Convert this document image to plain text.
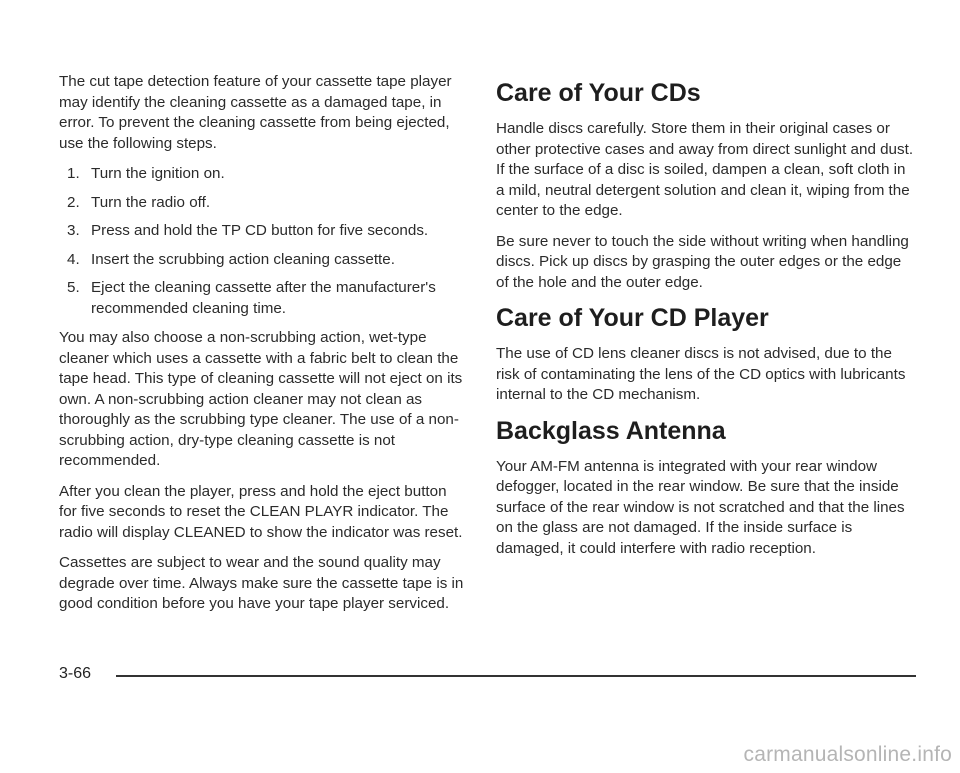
The cut tape detection feature of your cassette tape player may identify the cleaning cassette as a damaged tape, in error. To prevent the cleaning cassette from being ejected, use the following steps.

1. Turn the ignition on.
2. Turn the radio off.
3. Press and hold the TP CD button for five seconds.
4. Insert the scrubbing action cleaning cassette.
5. Eject the cleaning cassette after the manufacturer's recommended cleaning time.

You may also choose a non-scrubbing action, wet-type cleaner which uses a cassette with a fabric belt to clean the tape head. This type of cleaning cassette will not eject on its own. A non-scrubbing action cleaner may not clean as thoroughly as the scrubbing type cleaner. The use of a non-scrubbing action, dry-type cleaning cassette is not recommended.

After you clean the player, press and hold the eject button for five seconds to reset the CLEAN PLAYR indicator. The radio will display CLEANED to show the indicator was reset.

Cassettes are subject to wear and the sound quality may degrade over time. Always make sure the cassette tape is in good condition before you have your tape player serviced.

Care of Your CDs

Handle discs carefully. Store them in their original cases or other protective cases and away from direct sunlight and dust. If the surface of a disc is soiled, dampen a clean, soft cloth in a mild, neutral detergent solution and clean it, wiping from the center to the edge.

Be sure never to touch the side without writing when handling discs. Pick up discs by grasping the outer edges or the edge of the hole and the outer edge.

Care of Your CD Player

The use of CD lens cleaner discs is not advised, due to the risk of contaminating the lens of the CD optics with lubricants internal to the CD mechanism.

Backglass Antenna

Your AM-FM antenna is integrated with your rear window defogger, located in the rear window. Be sure that the inside surface of the rear window is not scratched and that the lines on the glass are not damaged. If the inside surface is damaged, it could interfere with radio reception.

3-66
carmanualsonline.info
